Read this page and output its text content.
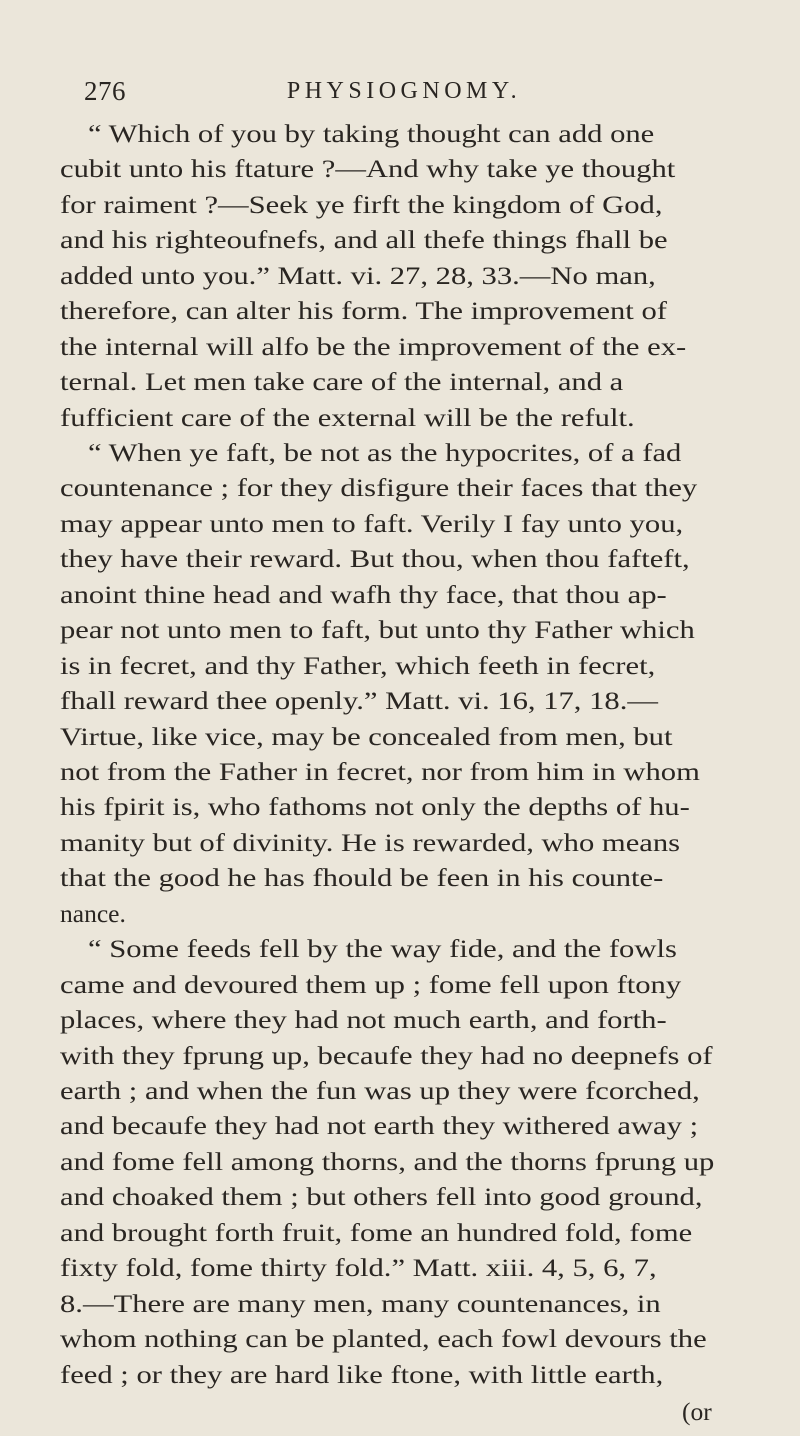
276	PHYSIOGNOMY.
“ Which of you by taking thought can add one
cubit unto his ftature ?—And why take ye thought
for raiment ?—Seek ye firft the kingdom of God,
and his righteoufnefs, and all thefe things fhall be
added unto you.” Matt. vi. 27, 28, 33.—No man,
therefore, can alter his form. The improvement of
the internal will alfo be the improvement of the ex-
ternal. Let men take care of the internal, and a
fufficient care of the external will be the refult.
“ When ye faft, be not as the hypocrites, of a fad
countenance ; for they disfigure their faces that they
may appear unto men to faft. Verily I fay unto you,
they have their reward. But thou, when thou fafteft,
anoint thine head and wafh thy face, that thou ap-
pear not unto men to faft, but unto thy Father which
is in fecret, and thy Father, which feeth in fecret,
fhall reward thee openly.” Matt. vi. 16, 17, 18.—
Virtue, like vice, may be concealed from men, but
not from the Father in fecret, nor from him in whom
his fpirit is, who fathoms not only the depths of hu-
manity but of divinity. He is rewarded, who means
that the good he has fhould be feen in his counte-
nance.
“ Some feeds fell by the way fide, and the fowls
came and devoured them up ; fome fell upon ftony
places, where they had not much earth, and forth-
with they fprung up, becaufe they had no deepnefs of
earth ; and when the fun was up they were fcorched,
and becaufe they had not earth they withered away ;
and fome fell among thorns, and the thorns fprung up
and choaked them ; but others fell into good ground,
and brought forth fruit, fome an hundred fold, fome
fixty fold, fome thirty fold.” Matt. xiii. 4, 5, 6, 7,
8.—There are many men, many countenances, in
whom nothing can be planted, each fowl devours the
feed ; or they are hard like ftone, with little earth,
(or
